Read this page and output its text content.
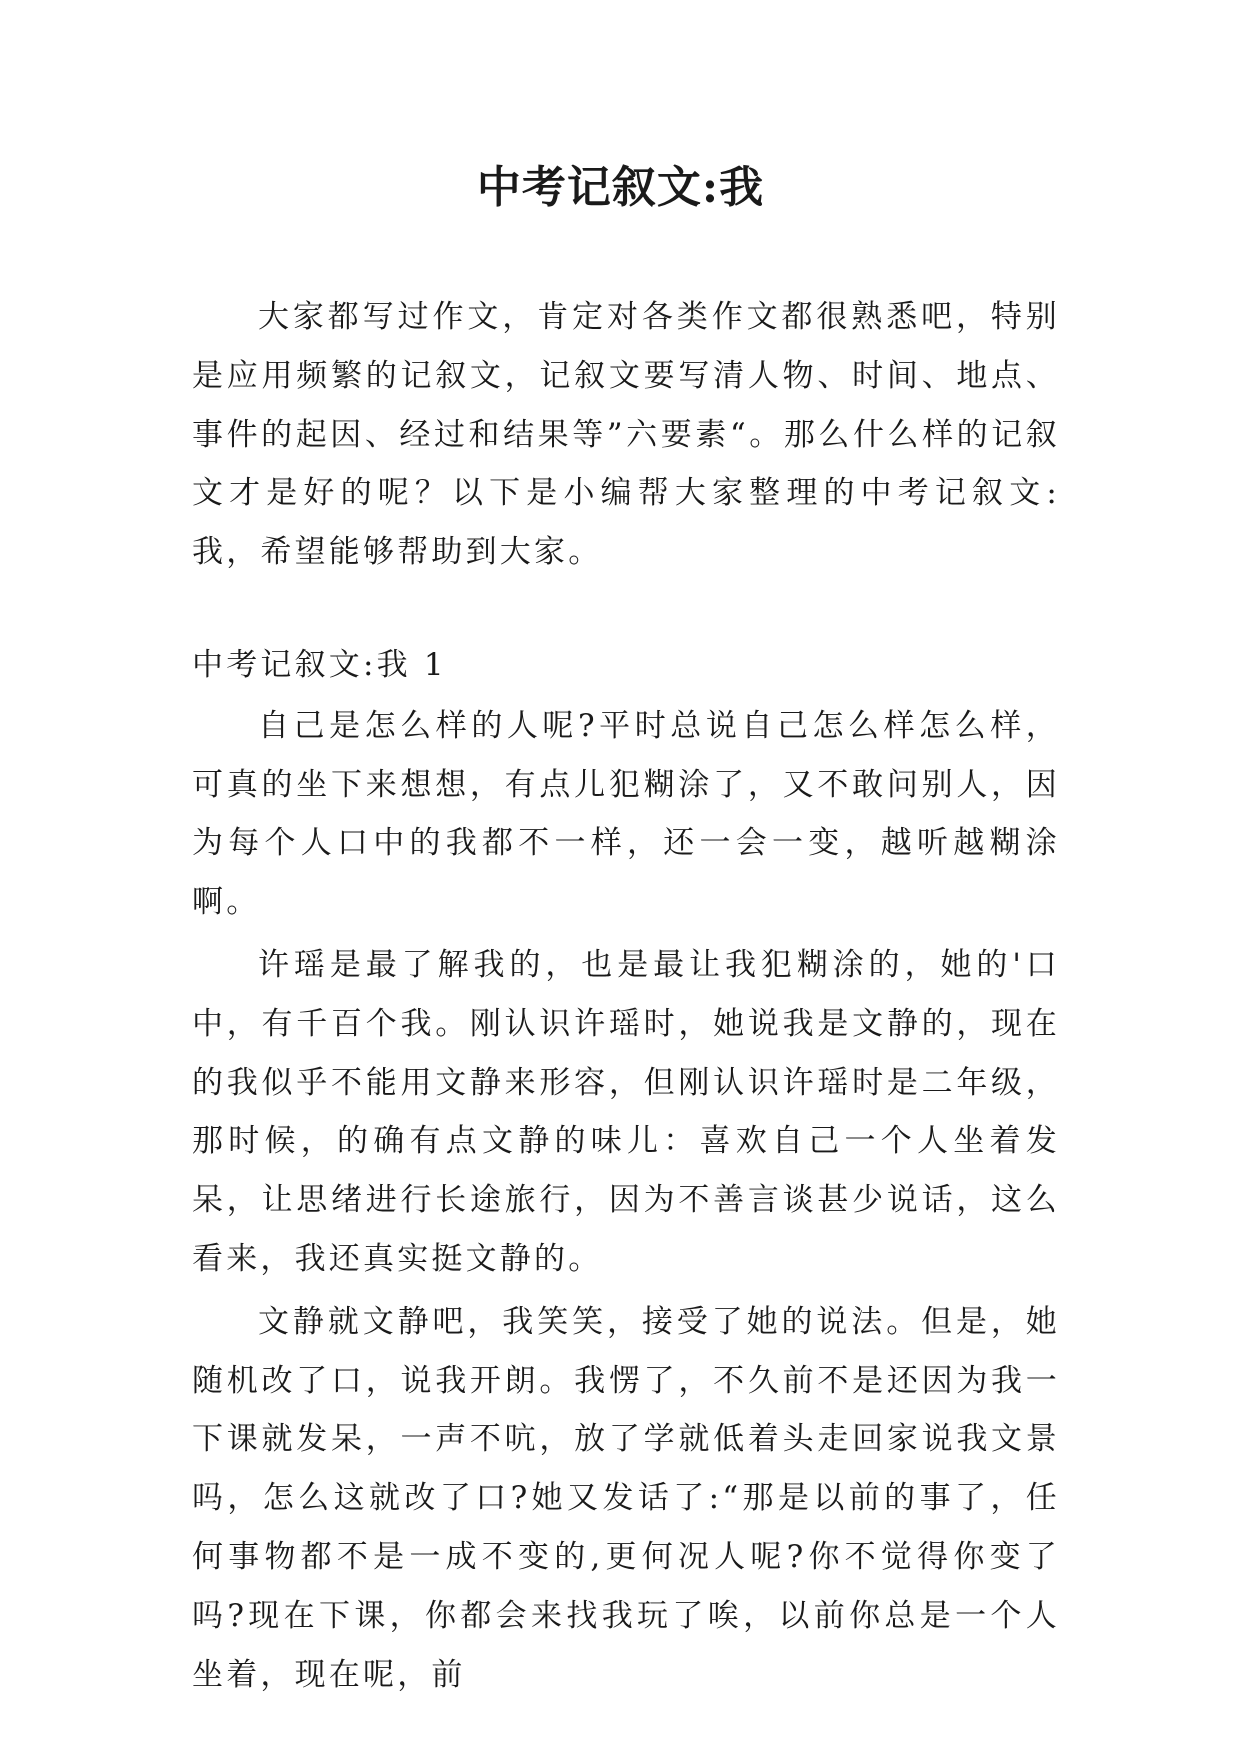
中考记叙文:我

大家都写过作文，肯定对各类作文都很熟悉吧，特别是应用频繁的记叙文，记叙文要写清人物、时间、地点、事件的起因、经过和结果等”六要素“。那么什么样的记叙文才是好的呢？以下是小编帮大家整理的中考记叙文:我，希望能够帮助到大家。

中考记叙文:我 1

自己是怎么样的人呢?平时总说自己怎么样怎么样，可真的坐下来想想，有点儿犯糊涂了，又不敢问别人，因为每个人口中的我都不一样，还一会一变，越听越糊涂啊。

许瑶是最了解我的，也是最让我犯糊涂的，她的'口中，有千百个我。刚认识许瑶时，她说我是文静的，现在的我似乎不能用文静来形容，但刚认识许瑶时是二年级，那时候，的确有点文静的味儿：喜欢自己一个人坐着发呆，让思绪进行长途旅行，因为不善言谈甚少说话，这么看来，我还真实挺文静的。

文静就文静吧，我笑笑，接受了她的说法。但是，她随机改了口，说我开朗。我愣了，不久前不是还因为我一下课就发呆，一声不吭，放了学就低着头走回家说我文景吗，怎么这就改了口?她又发话了:“那是以前的事了，任何事物都不是一成不变的,更何况人呢?你不觉得你变了吗?现在下课，你都会来找我玩了唉，以前你总是一个人坐着，现在呢，前
